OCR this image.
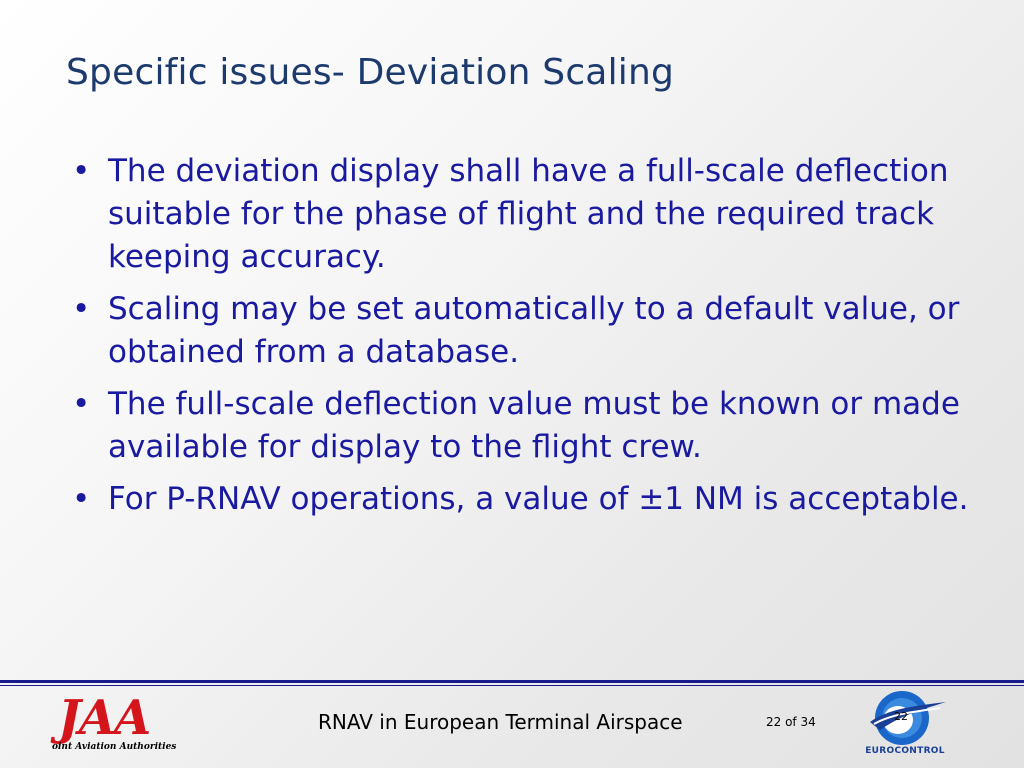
Specific issues- Deviation Scaling
• The deviation display shall have a full-scale deflection suitable for the phase of flight and the required track keeping accuracy.
• Scaling may be set automatically to a default value, or obtained from a database.
• The full-scale deflection value must be known or made available for display to the flight crew.
• For P-RNAV operations, a value of ±1 NM is acceptable.
JAA
oint Aviation Authorities
RNAV in European Terminal Airspace	22 of 34	22
EUROCONTROL
